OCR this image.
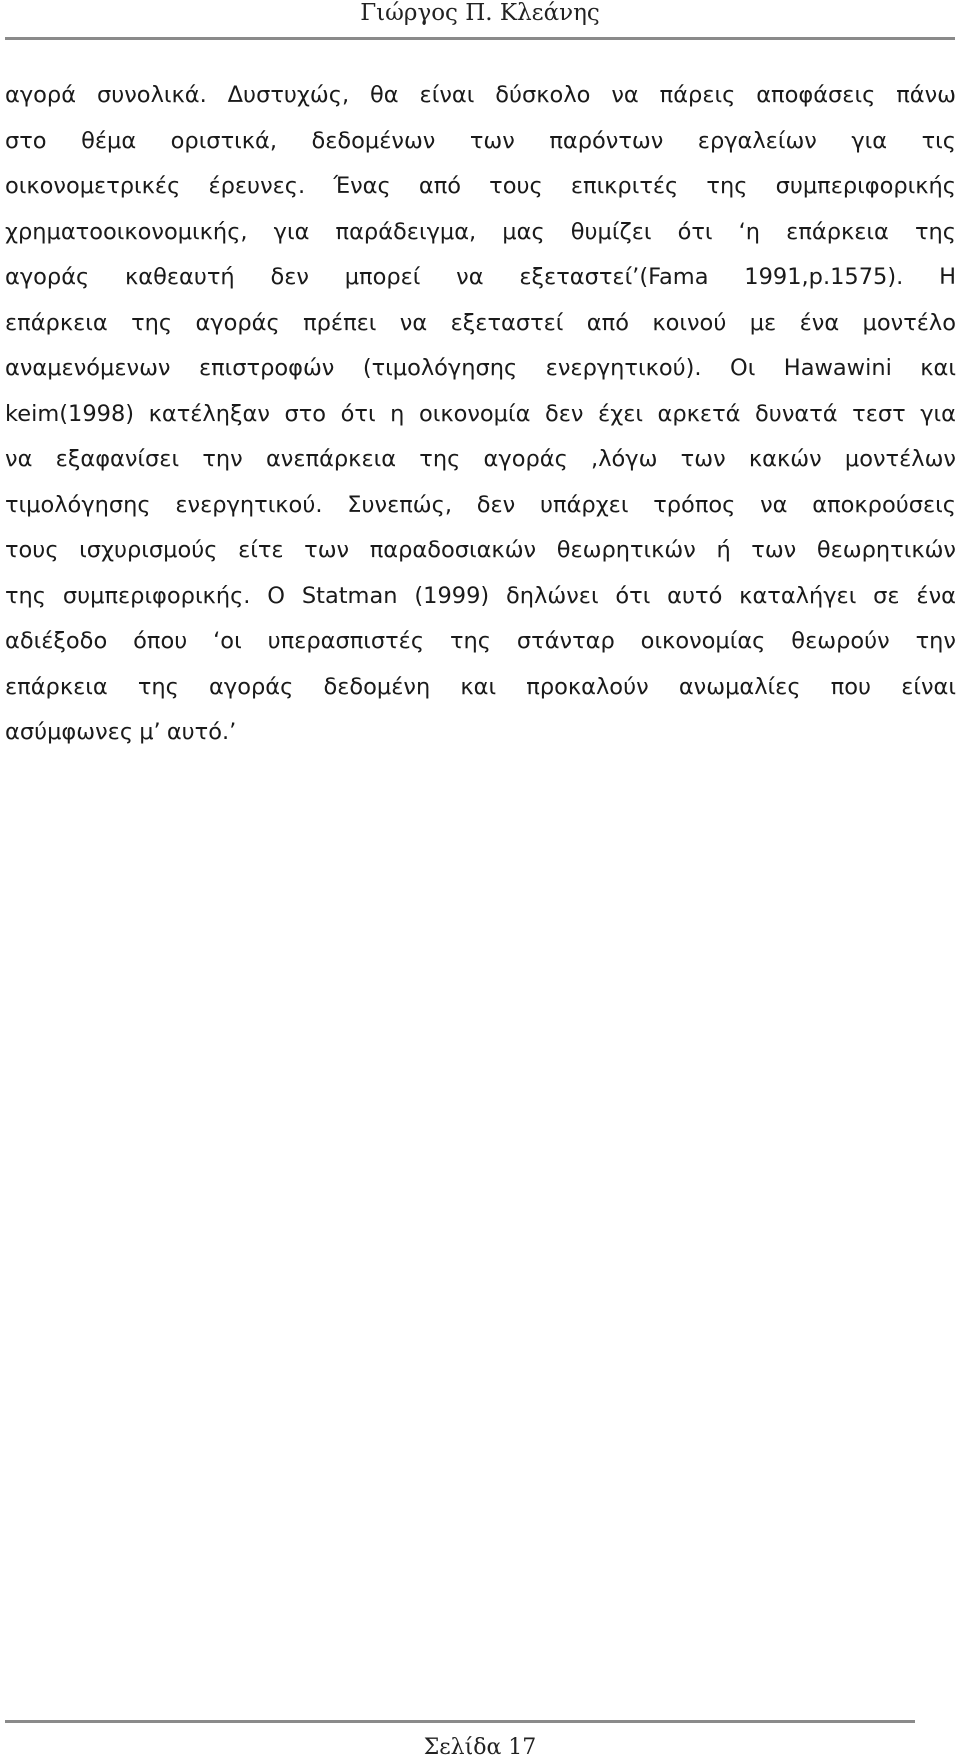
Γιώργος Π. Κλεάνης
αγορά συνολικά. Δυστυχώς, θα είναι δύσκολο να πάρεις αποφάσεις πάνω
στο θέμα οριστικά, δεδομένων των παρόντων εργαλείων για τις
οικονομετρικές έρευνες. Ένας από τους επικριτές της συμπεριφορικής
χρηματοοικονομικής, για παράδειγμα, μας θυμίζει ότι ‘η επάρκεια της
αγοράς καθεαυτή δεν μπορεί να εξεταστεί’(Fama 1991,p.1575). Η
επάρκεια της αγοράς πρέπει να εξεταστεί από κοινού με ένα μοντέλο
αναμενόμενων επιστροφών (τιμολόγησης ενεργητικού). Οι Hawawini και
keim(1998) κατέληξαν στο ότι η οικονομία δεν έχει αρκετά δυνατά τεστ για
να εξαφανίσει την ανεπάρκεια της αγοράς ,λόγω των κακών μοντέλων
τιμολόγησης ενεργητικού. Συνεπώς, δεν υπάρχει τρόπος να αποκρούσεις
τους ισχυρισμούς είτε των παραδοσιακών θεωρητικών ή των θεωρητικών
της συμπεριφορικής. Ο Statman (1999) δηλώνει ότι αυτό καταλήγει σε ένα
αδιέξοδο όπου ‘οι υπερασπιστές της στάνταρ οικονομίας θεωρούν την
επάρκεια της αγοράς δεδομένη και προκαλούν ανωμαλίες που είναι
ασύμφωνες μ’ αυτό.’
Σελίδα 17
